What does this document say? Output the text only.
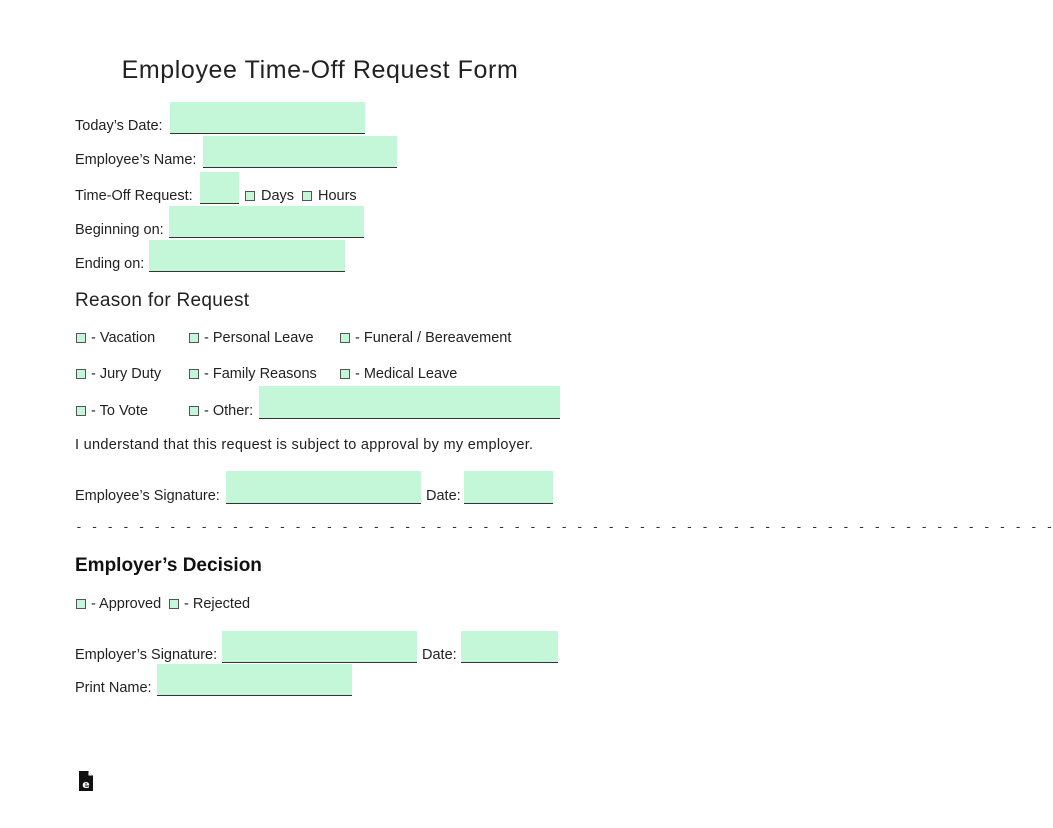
Employee Time-Off Request Form
Today’s Date:
Employee’s Name:
Time-Off Request:	Days Hours
Beginning on:
Ending on:
Reason for Request
- Vacation	- Personal Leave	- Funeral / Bereavement
- Jury Duty	- Family Reasons	- Medical Leave
- To Vote	- Other:
I understand that this request is subject to approval by my employer.
Employee’s Signature:	Date:
- - - - - - - - - - - - - - - - - - - - - - - - - - - - - - - - - - - - - - - - - - - - - - - - - - - - - - - - - - - - - - -
Employer’s Decision
- Approved - Rejected
Employer’s Signature:	Date:
Print Name:
e
